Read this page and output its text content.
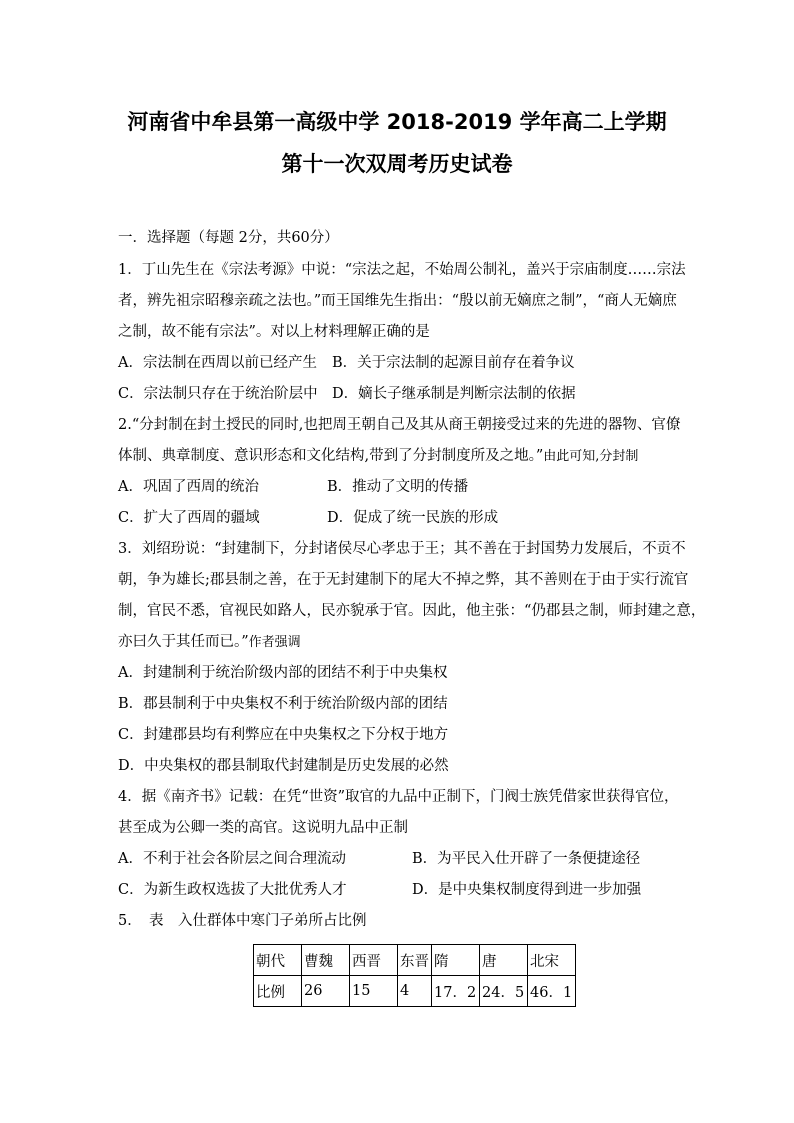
河南省中牟县第一高级中学 2018-2019 学年高二上学期
第十一次双周考历史试卷
一．选择题（每题 2分，共60分）
1．丁山先生在《宗法考源》中说：“宗法之起，不始周公制礼，盖兴于宗庙制度……宗法
者，辨先祖宗昭穆亲疏之法也。”而王国维先生指出：“殷以前无嫡庶之制”，“商人无嫡庶
之制，故不能有宗法”。对以上材料理解正确的是
A．宗法制在西周以前已经产生 B．关于宗法制的起源目前存在着争议
C．宗法制只存在于统治阶层中 D．嫡长子继承制是判断宗法制的依据
2.“分封制在封土授民的同时,也把周王朝自己及其从商王朝接受过来的先进的器物、官僚
体制、典章制度、意识形态和文化结构,带到了分封制度所及之地。”由此可知,分封制
A．巩固了西周的统治	B．推动了文明的传播
C．扩大了西周的疆域	D．促成了统一民族的形成
3．刘绍玢说：“封建制下，分封诸侯尽心孝忠于王；其不善在于封国势力发展后，不贡不
朝，争为雄长;郡县制之善，在于无封建制下的尾大不掉之弊，其不善则在于由于实行流官
制，官民不悉，官视民如路人，民亦貌承于官。因此，他主张：“仍郡县之制，师封建之意，
亦曰久于其任而已。”作者强调
A．封建制利于统治阶级内部的团结不利于中央集权
B．郡县制利于中央集权不利于统治阶级内部的团结
C．封建郡县均有利弊应在中央集权之下分权于地方
D．中央集权的郡县制取代封建制是历史发展的必然
4．据《南齐书》记载：在凭“世资”取官的九品中正制下，门阀士族凭借家世获得官位，
甚至成为公卿一类的高官。这说明九品中正制
A．不利于社会各阶层之间合理流动	B．为平民入仕开辟了一条便捷途径
C．为新生政权选拔了大批优秀人才	D．是中央集权制度得到进一步加强
5．　表　入仕群体中寒门子弟所占比例
朝代	曹魏	西晋	东晋	隋	唐	北宋
比例	26	15	4	17．2	24．5	46．1
